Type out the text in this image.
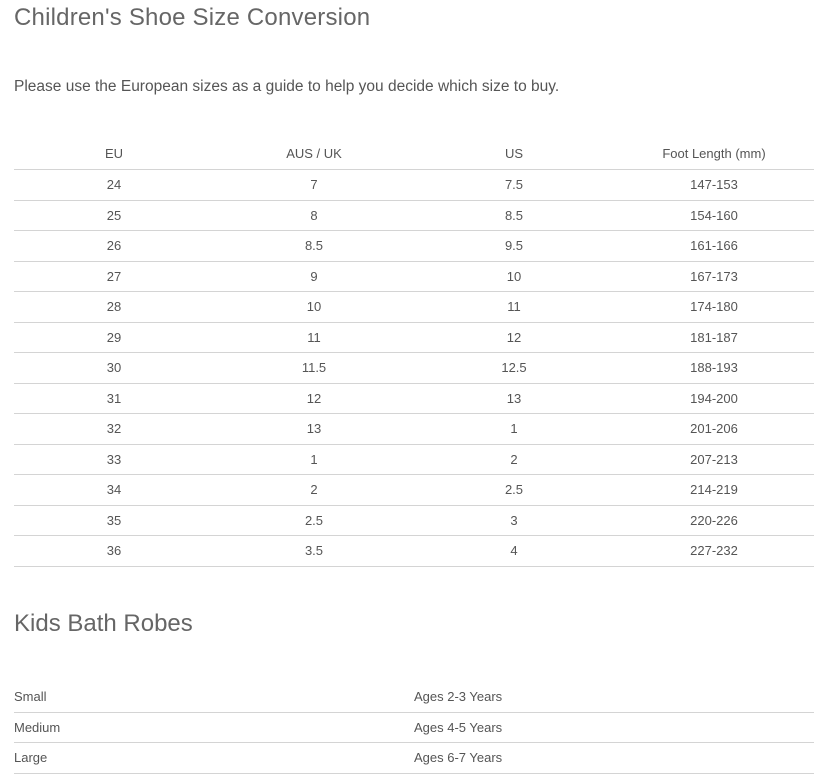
Children's Shoe Size Conversion

Please use the European sizes as a guide to help you decide which size to buy.

EU	AUS / UK	US	Foot Length (mm)
24	7	7.5	147-153
25	8	8.5	154-160
26	8.5	9.5	161-166
27	9	10	167-173
28	10	11	174-180
29	11	12	181-187
30	11.5	12.5	188-193
31	12	13	194-200
32	13	1	201-206
33	1	2	207-213
34	2	2.5	214-219
35	2.5	3	220-226
36	3.5	4	227-232
Kids Bath Robes
Small	Ages 2-3 Years
Medium	Ages 4-5 Years
Large	Ages 6-7 Years
